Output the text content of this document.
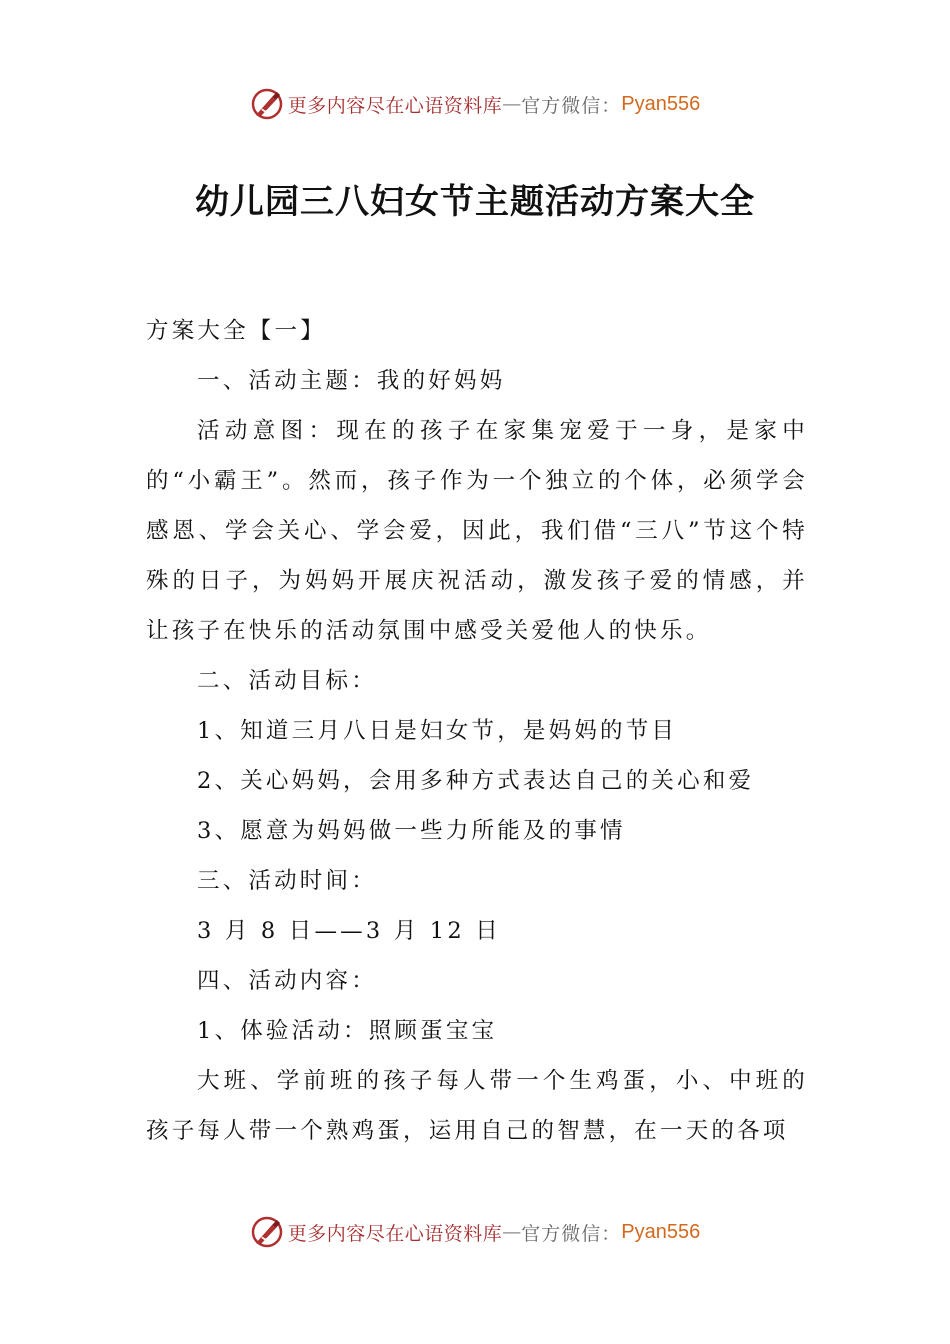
更多内容尽在心语资料库 — 官方微信： Pyan556
幼儿园三八妇女节主题活动方案大全

方案大全【一】

一、活动主题：我的好妈妈

活动意图：现在的孩子在家集宠爱于一身，是家中的“小霸王”。然而，孩子作为一个独立的个体，必须学会感恩、学会关心、学会爱，因此，我们借“三八”节这个特殊的日子，为妈妈开展庆祝活动，激发孩子爱的情感，并让孩子在快乐的活动氛围中感受关爱他人的快乐。

二、活动目标：

1、知道三月八日是妇女节，是妈妈的节目

2、关心妈妈，会用多种方式表达自己的关心和爱

3、愿意为妈妈做一些力所能及的事情

三、活动时间：

3 月 8 日——3 月 12 日

四、活动内容：

1、体验活动：照顾蛋宝宝

大班、学前班的孩子每人带一个生鸡蛋，小、中班的孩子每人带一个熟鸡蛋，运用自己的智慧，在一天的各项

更多内容尽在心语资料库 — 官方微信： Pyan556
